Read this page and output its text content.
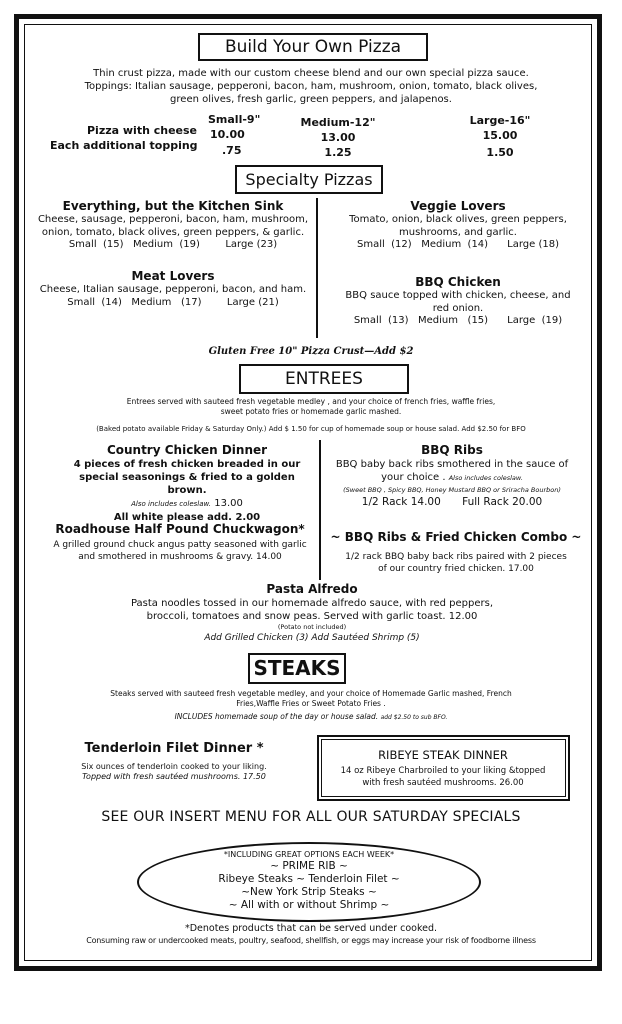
Build Your Own Pizza
Thin crust pizza, made with our custom cheese blend and our own special pizza sauce.
Toppings: Italian sausage, pepperoni, bacon, ham, mushroom, onion, tomato, black olives, green olives, fresh garlic, green peppers, and jalapenos.
Pizza with cheese
Each additional topping
Small-9"
10.00
.75
Medium-12"
13.00
1.25
Large-16"
15.00
1.50
Specialty Pizzas
Everything, but the Kitchen Sink
Cheese, sausage, pepperoni, bacon, ham, mushroom, onion, tomato, black olives, green peppers, & garlic.
Small  (15)   Medium  (19)        Large (23)
Meat Lovers
Cheese, Italian sausage, pepperoni, bacon, and ham.
Small  (14)   Medium   (17)        Large (21)
Veggie Lovers
Tomato, onion, black olives, green peppers, mushrooms, and garlic.
Small  (12)   Medium  (14)      Large (18)
BBQ Chicken
BBQ sauce topped with chicken, cheese, and red onion.
Small  (13)   Medium   (15)      Large  (19)
Gluten Free 10" Pizza Crust—Add $2
ENTREES
Entrees served with sauteed fresh vegetable medley , and your choice of french fries, waffle fries, sweet potato fries or homemade garlic mashed.
(Baked potato available Friday & Saturday Only.) Add $ 1.50 for cup of homemade soup or house salad. Add $2.50 for BFO
Country Chicken Dinner
4 pieces of fresh chicken breaded in our special seasonings & fried to a golden brown.
Also includes coleslaw. 13.00
All white please add. 2.00
BBQ Ribs
BBQ baby back ribs smothered in the sauce of your choice . Also includes coleslaw.
(Sweet BBQ , Spicy BBQ, Honey Mustard BBQ or Sriracha Bourbon)
1/2 Rack 14.00 Full Rack 20.00
Roadhouse Half Pound Chuckwagon*
A grilled ground chuck angus patty seasoned with garlic and smothered in mushrooms & gravy. 14.00
~ BBQ Ribs & Fried Chicken Combo ~
1/2 rack BBQ baby back ribs paired with 2 pieces of our country fried chicken. 17.00
Pasta Alfredo
Pasta noodles tossed in our homemade alfredo sauce, with red peppers, broccoli, tomatoes and snow peas. Served with garlic toast. 12.00
(Potato not included)
Add Grilled Chicken (3) Add Sautéed Shrimp (5)
STEAKS
Steaks served with sauteed fresh vegetable medley, and your choice of Homemade Garlic mashed, French Fries,Waffle Fries or Sweet Potato Fries .
INCLUDES homemade soup of the day or house salad. add $2.50 to sub BFO.
Tenderloin Filet Dinner *
Six ounces of tenderloin cooked to your liking.
Topped with fresh sautéed mushrooms. 17.50
RIBEYE STEAK DINNER
14 oz Ribeye Charbroiled to your liking &topped with fresh sautéed mushrooms. 26.00
SEE OUR INSERT MENU FOR ALL OUR SATURDAY SPECIALS
*INCLUDING GREAT OPTIONS EACH WEEK*
~ PRIME RIB ~
Ribeye Steaks ~ Tenderloin Filet ~
~New York Strip Steaks ~
~ All with or without Shrimp ~
*Denotes products that can be served under cooked.
Consuming raw or undercooked meats, poultry, seafood, shellfish, or eggs may increase your risk of foodborne illness
